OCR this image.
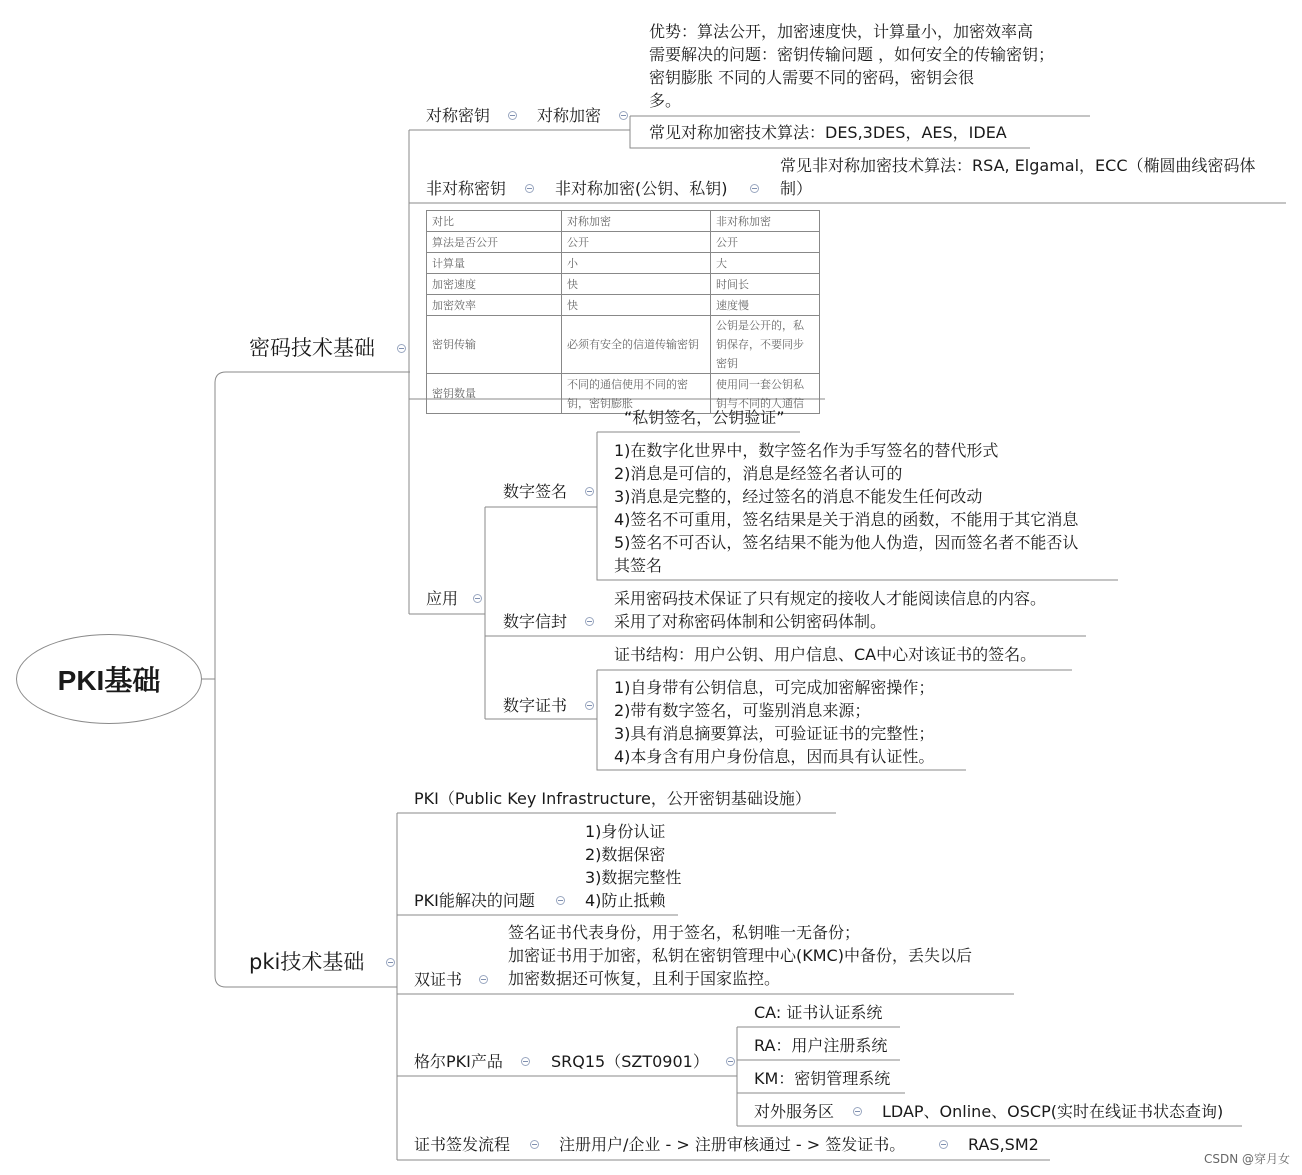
PKI基础
密码技术基础
对称密钥	对称加密
优势：算法公开，加密速度快，计算量小，加密效率高
需要解决的问题：密钥传输问题 ，如何安全的传输密钥；
密钥膨胀 不同的人需要不同的密码，密钥会很
多。
常见对称加密技术算法：DES,3DES，AES，IDEA
非对称密钥	非对称加密(公钥、私钥)
常见非对称加密技术算法：RSA, Elgamal，ECC（椭圆曲线密码体
制）
对比	对称加密	非对称加密
算法是否公开	公开	公开
计算量	小	大
加密速度	快	时间长
加密效率	快	速度慢
密钥传输	必须有安全的信道传输密钥	公钥是公开的，私钥保存，不要同步密钥
密钥数量	不同的通信使用不同的密钥，密钥膨胀	使用同一套公钥私钥与不同的人通信
应用
数字签名
“私钥签名，公钥验证”
1)在数字化世界中，数字签名作为手写签名的替代形式
2)消息是可信的，消息是经签名者认可的
3)消息是完整的，经过签名的消息不能发生任何改动
4)签名不可重用，签名结果是关于消息的函数，不能用于其它消息
5)签名不可否认，签名结果不能为他人伪造，因而签名者不能否认
其签名
数字信封
采用密码技术保证了只有规定的接收人才能阅读信息的内容。
采用了对称密码体制和公钥密码体制。
数字证书
证书结构：用户公钥、用户信息、CA中心对该证书的签名。
1)自身带有公钥信息，可完成加密解密操作；
2)带有数字签名，可鉴别消息来源；
3)具有消息摘要算法，可验证证书的完整性；
4)本身含有用户身份信息，因而具有认证性。
pki技术基础
PKI（Public Key Infrastructure，公开密钥基础设施）
PKI能解决的问题
1)身份认证
2)数据保密
3)数据完整性
4)防止抵赖
双证书
签名证书代表身份，用于签名，私钥唯一无备份；
加密证书用于加密，私钥在密钥管理中心(KMC)中备份，丢失以后
加密数据还可恢复，且利于国家监控。
格尔PKI产品	SRQ15（SZT0901）
CA: 证书认证系统
RA：用户注册系统
KM：密钥管理系统
对外服务区	LDAP、Online、OSCP(实时在线证书状态查询)
证书签发流程	注册用户/企业 - > 注册审核通过 - > 签发证书。	RAS,SM2
CSDN @穿月女
